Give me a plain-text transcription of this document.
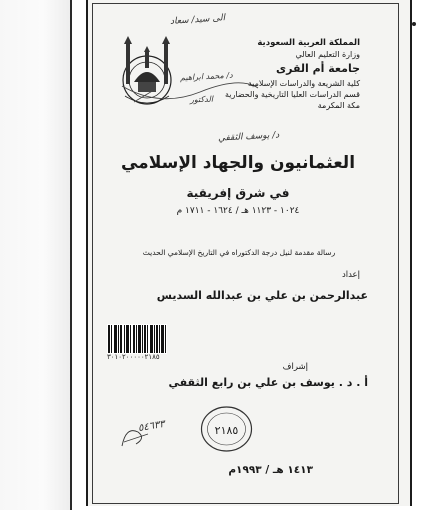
الى سيد/ سعاد
د/ محمد ابراهيم
الدكتور
المملكة العربية السعودية
وزارة التعليم العالي
جامعة أم القرى
كلية الشريعة والدراسات الإسلامية
قسم الدراسات العليا التاريخية والحضارية
مكة المكرمة
د/ يوسف الثقفي
العثمانيون والجهاد الإسلامي
في شرق إفريقية
١٠٢٤ - ١١٢٣ هـ / ١٦٢٤ - ١٧١١ م
رسالة مقدمة لنيل درجة الدكتوراه في التاريخ الإسلامي الحديث
إعداد
عبدالرحمن بن علي بن عبدالله السديس
٣٠١٠٢٠٠٠٠٠٢١٨٥
إشراف
أ . د . يوسف بن علي بن رابع الثقفي
٥٤٦٣٣	٢١٨٥
١٤١٣ هـ / ١٩٩٣م
